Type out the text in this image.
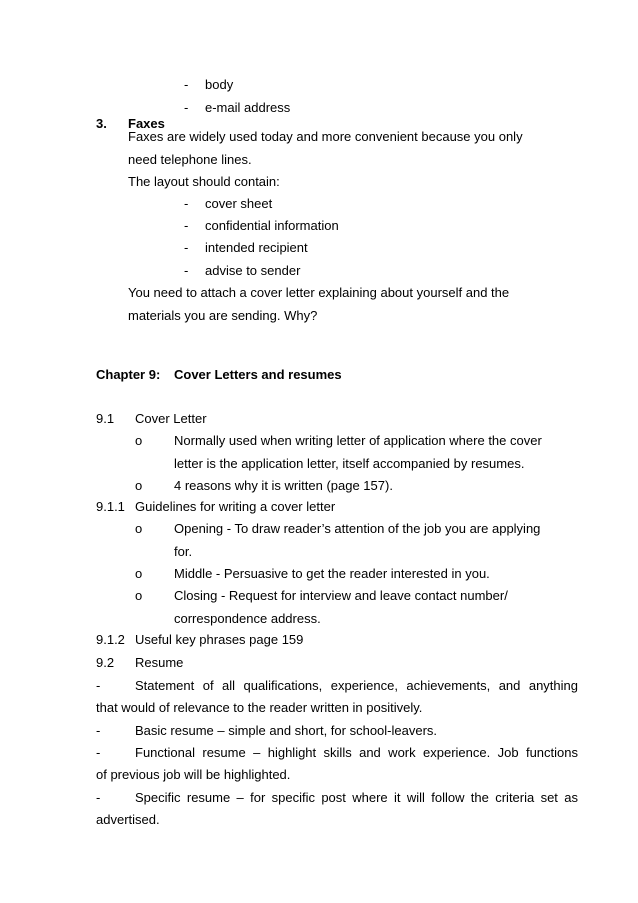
- body
- e-mail address
3. Faxes
Faxes are widely used today and more convenient because you only
need telephone lines.
The layout should contain:
- cover sheet
- confidential information
- intended recipient
- advise to sender
You need to attach a cover letter explaining about yourself and the
materials you are sending. Why?
Chapter 9: Cover Letters and resumes
9.1 Cover Letter
o Normally used when writing letter of application where the cover
letter is the application letter, itself accompanied by resumes.
o 4 reasons why it is written (page 157).
9.1.1 Guidelines for writing a cover letter
o Opening - To draw reader’s attention of the job you are applying
for.
o Middle - Persuasive to get the reader interested in you.
o Closing - Request for interview and leave contact number/
correspondence address.
9.1.2 Useful key phrases page 159
9.2 Resume
-	Statement of all qualifications, experience, achievements, and anything
that would of relevance to the reader written in positively.
-	Basic resume – simple and short, for school-leavers.
-	Functional resume – highlight skills and work experience. Job functions
of previous job will be highlighted.
-	Specific resume – for specific post where it will follow the criteria set as
advertised.
